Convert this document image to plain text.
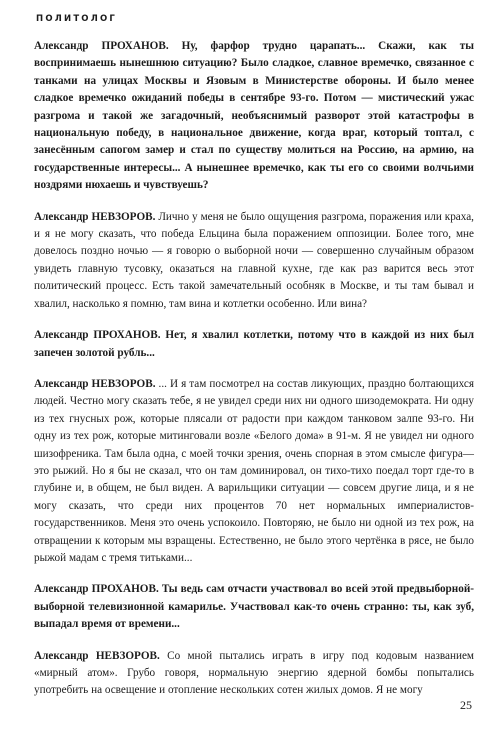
ПОЛИТОЛОГ

Александр ПРОХАНОВ. Ну, фарфор трудно царапать... Скажи, как ты воспринимаешь нынешнюю ситуацию? Было сладкое, славное времечко, связанное с танками на улицах Москвы и Язовым в Министерстве обороны. И было менее сладкое времечко ожиданий победы в сентябре 93-го. Потом — мистический ужас разгрома и такой же загадочный, необъяснимый разворот этой катастрофы в национальную победу, в национальное движение, когда враг, который топтал, с занесённым сапогом замер и стал по существу молиться на Россию, на армию, на государственные интересы... А нынешнее времечко, как ты его со своими волчьими ноздрями нюхаешь и чувствуешь?

Александр НЕВЗОРОВ. Лично у меня не было ощущения разгрома, поражения или краха, и я не могу сказать, что победа Ельцина была поражением оппозиции. Более того, мне довелось поздно ночью — я говорю о выборной ночи — совершенно случайным образом увидеть главную тусовку, оказаться на главной кухне, где как раз варится весь этот политический процесс. Есть такой замечательный особняк в Москве, и ты там бывал и хвалил, насколько я помню, там вина и котлетки особенно. Или вина?

Александр ПРОХАНОВ. Нет, я хвалил котлетки, потому что в каждой из них был запечен золотой рубль...

Александр НЕВЗОРОВ. ... И я там посмотрел на состав ликующих, праздно болтающихся людей. Честно могу сказать тебе, я не увидел среди них ни одного шизодемократа. Ни одну из тех гнусных рож, которые плясали от радости при каждом танковом залпе 93-го. Ни одну из тех рож, которые митинговали возле «Белого дома» в 91-м. Я не увидел ни одного шизофреника. Там была одна, с моей точки зрения, очень спорная в этом смысле фигура—это рыжий. Но я бы не сказал, что он там доминировал, он тихо-тихо поедал торт где-то в глубине и, в общем, не был виден. А варильщики ситуации — совсем другие лица, и я не могу сказать, что среди них процентов 70 нет нормальных империалистов-государственников. Меня это очень успокоило. Повторяю, не было ни одной из тех рож, на отвращении к которым мы взращены. Естественно, не было этого чертёнка в рясе, не было рыжой мадам с тремя титьками...

Александр ПРОХАНОВ. Ты ведь сам отчасти участвовал во всей этой предвыборной-выборной телевизионной камарилье. Участвовал как-то очень странно: ты, как зуб, выпадал время от времени...

Александр НЕВЗОРОВ. Со мной пытались играть в игру под кодовым названием «мирный атом». Грубо говоря, нормальную энергию ядерной бомбы попытались употребить на освещение и отопление нескольких сотен жилых домов. Я не могу

25
